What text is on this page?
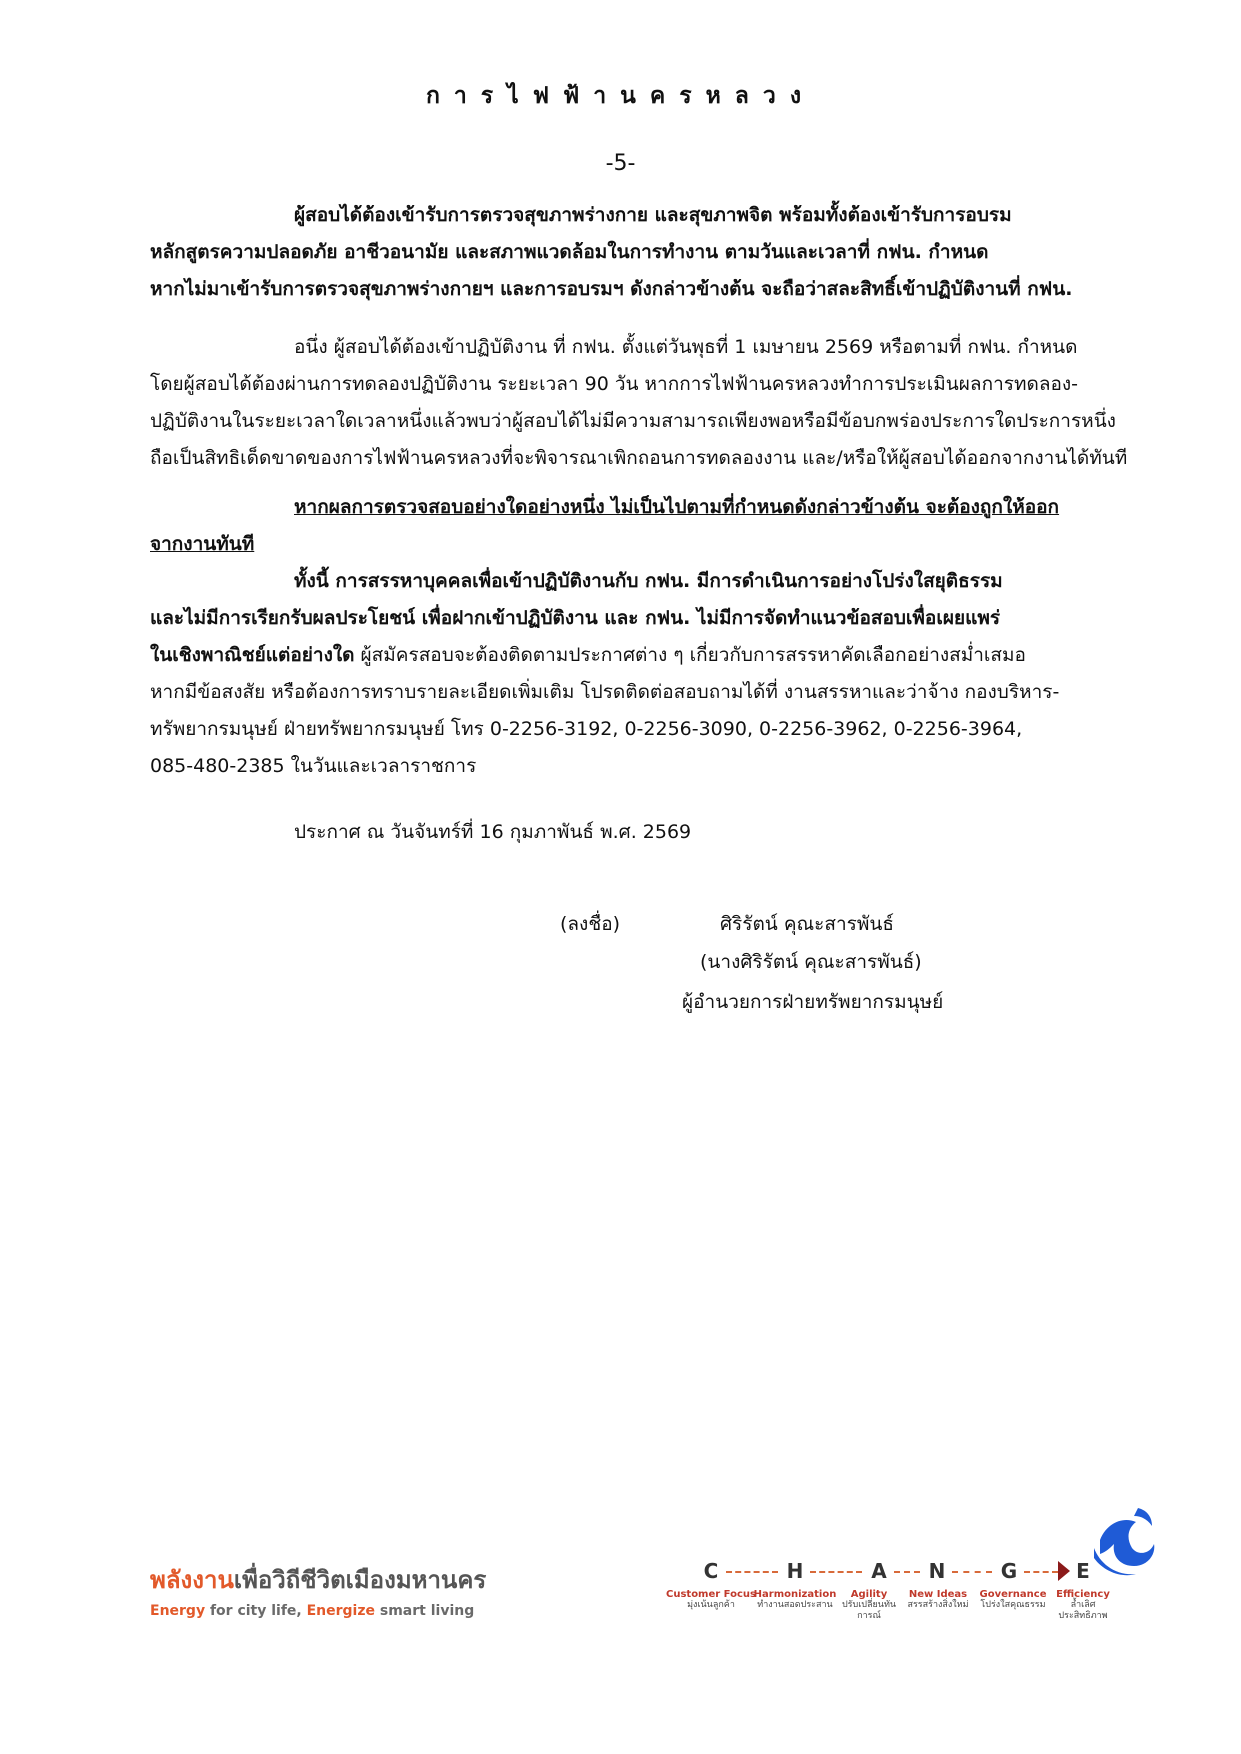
การไฟฟ้านครหลวง
-5-
ผู้สอบได้ต้องเข้ารับการตรวจสุขภาพร่างกาย และสุขภาพจิต พร้อมทั้งต้องเข้ารับการอบรม
หลักสูตรความปลอดภัย อาชีวอนามัย และสภาพแวดล้อมในการทำงาน ตามวันและเวลาที่ กฟน. กำหนด
หากไม่มาเข้ารับการตรวจสุขภาพร่างกายฯ และการอบรมฯ ดังกล่าวข้างต้น จะถือว่าสละสิทธิ์เข้าปฏิบัติงานที่ กฟน.
อนึ่ง ผู้สอบได้ต้องเข้าปฏิบัติงาน ที่ กฟน. ตั้งแต่วันพุธที่ 1 เมษายน 2569 หรือตามที่ กฟน. กำหนด
โดยผู้สอบได้ต้องผ่านการทดลองปฏิบัติงาน ระยะเวลา 90 วัน หากการไฟฟ้านครหลวงทำการประเมินผลการทดลอง-
ปฏิบัติงานในระยะเวลาใดเวลาหนึ่งแล้วพบว่าผู้สอบได้ไม่มีความสามารถเพียงพอหรือมีข้อบกพร่องประการใดประการหนึ่ง
ถือเป็นสิทธิเด็ดขาดของการไฟฟ้านครหลวงที่จะพิจารณาเพิกถอนการทดลองงาน และ/หรือให้ผู้สอบได้ออกจากงานได้ทันที
หากผลการตรวจสอบอย่างใดอย่างหนึ่ง ไม่เป็นไปตามที่กำหนดดังกล่าวข้างต้น จะต้องถูกให้ออก
จากงานทันที
ทั้งนี้ การสรรหาบุคคลเพื่อเข้าปฏิบัติงานกับ กฟน. มีการดำเนินการอย่างโปร่งใสยุติธรรม
และไม่มีการเรียกรับผลประโยชน์ เพื่อฝากเข้าปฏิบัติงาน และ กฟน. ไม่มีการจัดทำแนวข้อสอบเพื่อเผยแพร่
ในเชิงพาณิชย์แต่อย่างใด ผู้สมัครสอบจะต้องติดตามประกาศต่าง ๆ เกี่ยวกับการสรรหาคัดเลือกอย่างสม่ำเสมอ
หากมีข้อสงสัย หรือต้องการทราบรายละเอียดเพิ่มเติม โปรดติดต่อสอบถามได้ที่ งานสรรหาและว่าจ้าง กองบริหาร-
ทรัพยากรมนุษย์ ฝ่ายทรัพยากรมนุษย์ โทร 0-2256-3192, 0-2256-3090, 0-2256-3962, 0-2256-3964,
085-480-2385 ในวันและเวลาราชการ
ประกาศ ณ วันจันทร์ที่ 16 กุมภาพันธ์ พ.ศ. 2569
(ลงชื่อ)	ศิริรัตน์ คุณะสารพันธ์
(นางศิริรัตน์ คุณะสารพันธ์)
ผู้อำนวยการฝ่ายทรัพยากรมนุษย์
พลังงานเพื่อวิถีชีวิตเมืองมหานคร
Energy for city life, Energize smart living
C	H	A	N	G	E
Customer Focus
มุ่งเน้นลูกค้า
Harmonization
ทำงานสอดประสาน
Agility
ปรับเปลี่ยนทันการณ์
New Ideas
สรรสร้างสิ่งใหม่
Governance
โปร่งใสคุณธรรม
Efficiency
ล้ำเลิศประสิทธิภาพ
